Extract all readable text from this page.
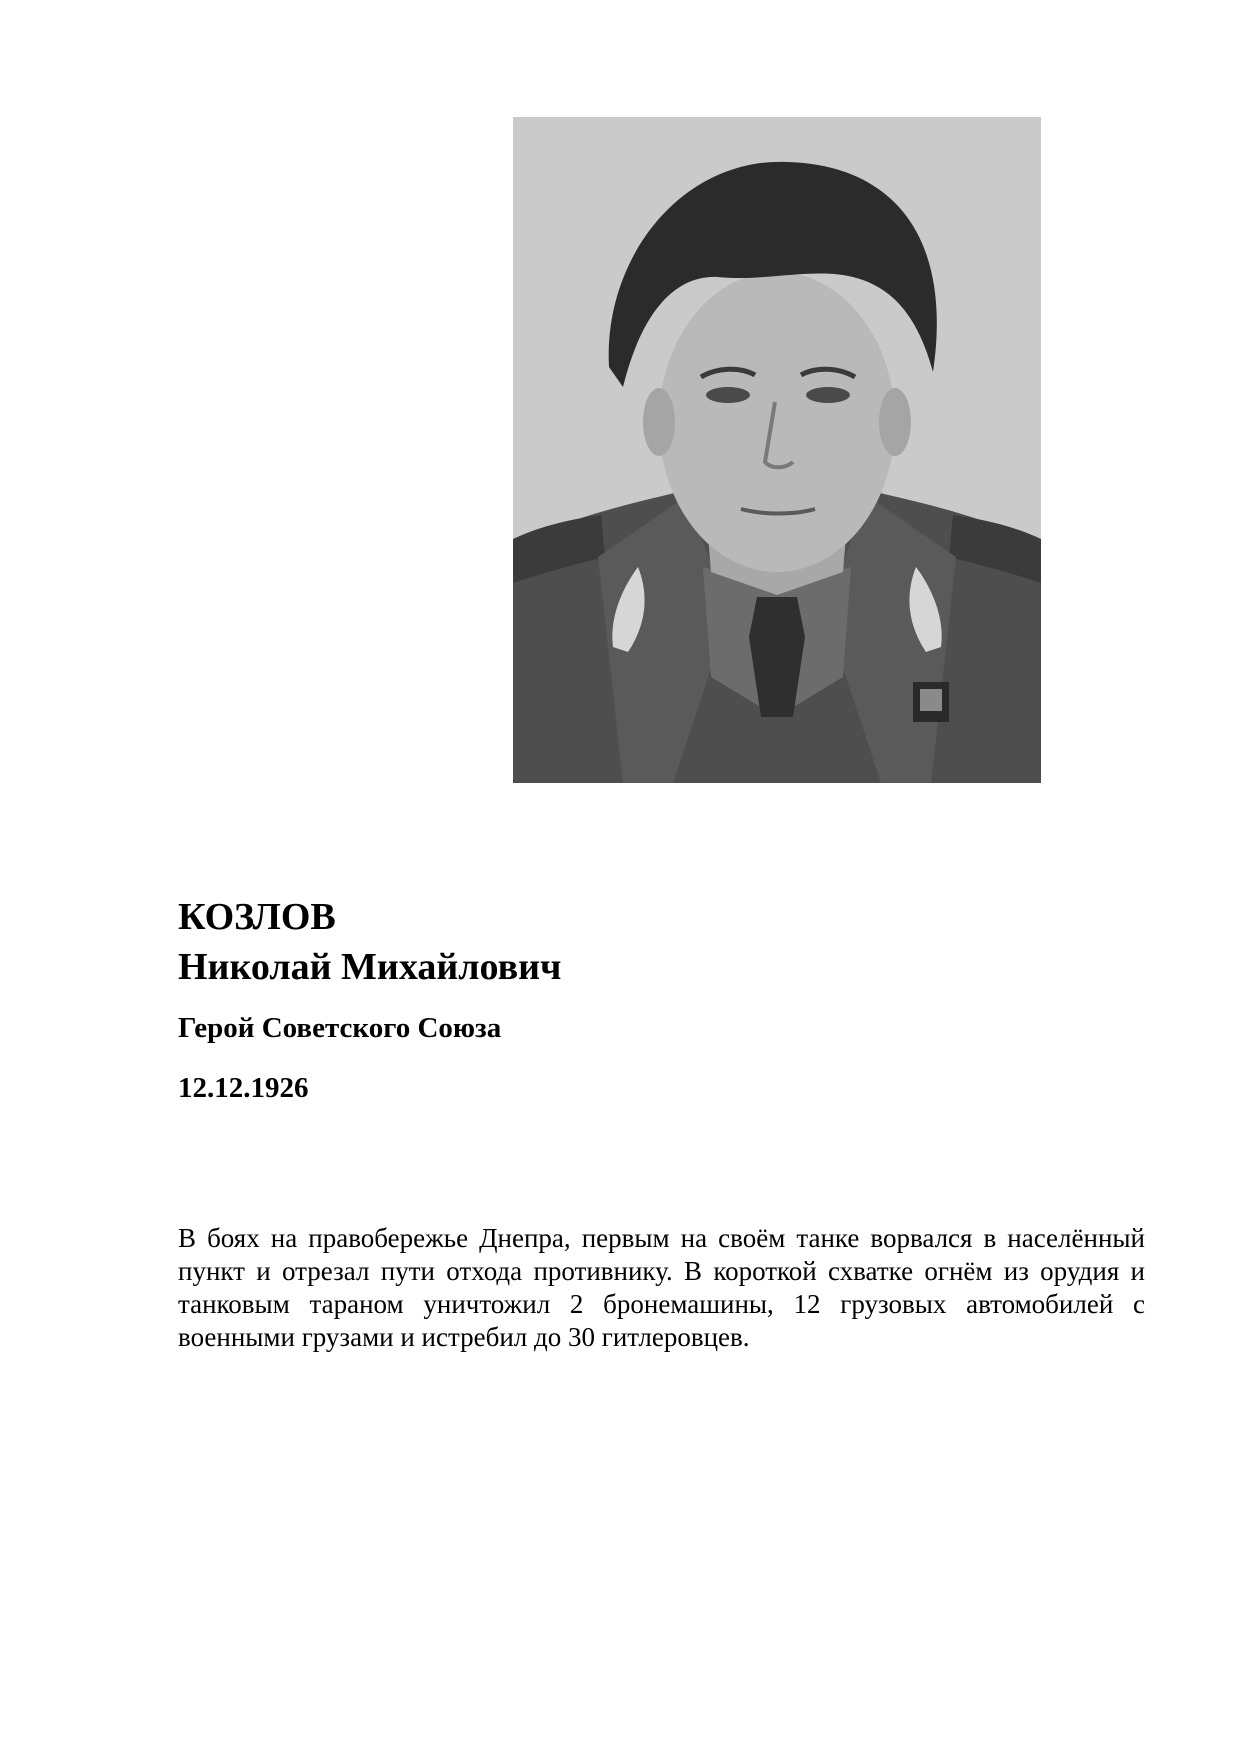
КОЗЛОВ

Николай Михайлович

Герой Советского Союза

12.12.1926

В боях на правобережье Днепра, первым на своём танке ворвался в населённый пункт и отрезал пути отхода противнику. В короткой схватке огнём из орудия и танковым тараном уничтожил 2 бронемашины, 12 грузовых автомобилей с военными грузами и истребил до 30 гитлеровцев.
